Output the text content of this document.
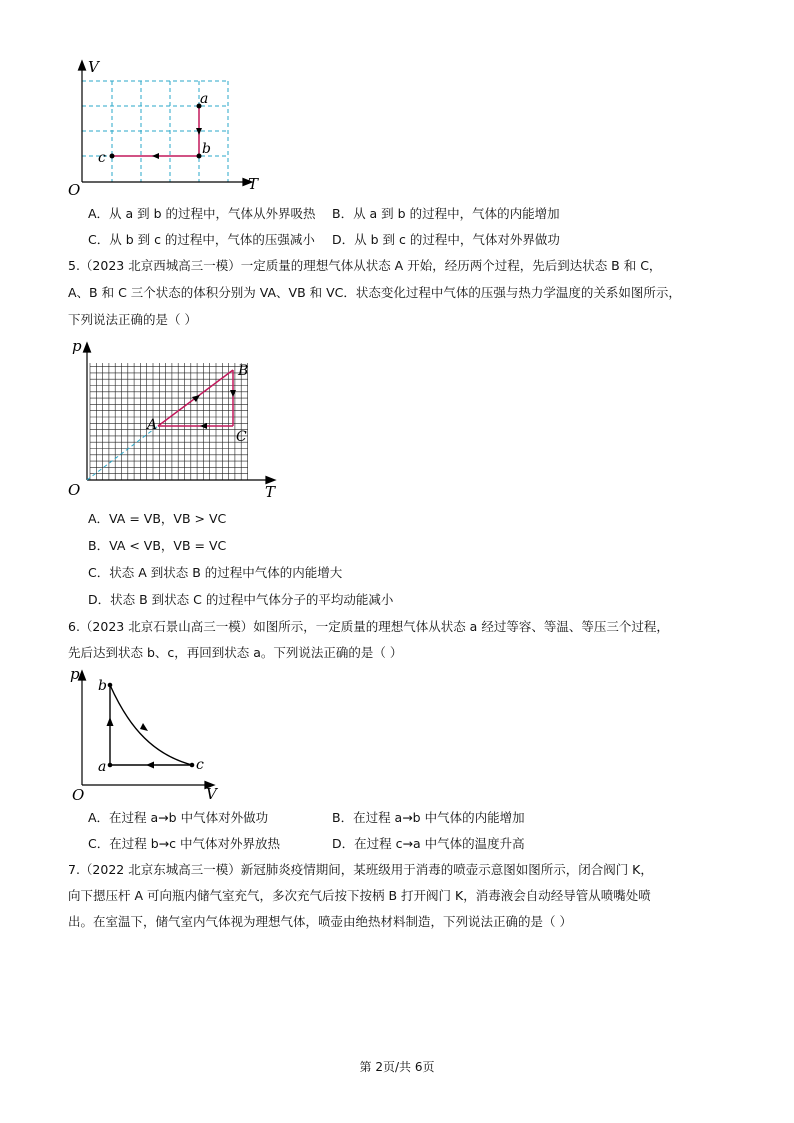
V
T
O
a
b
c
A．从 a 到 b 的过程中，气体从外界吸热 B．从 a 到 b 的过程中，气体的内能增加
C．从 b 到 c 的过程中，气体的压强减小 D．从 b 到 c 的过程中，气体对外界做功
5.（2023 北京西城高三一模）一定质量的理想气体从状态 A 开始，经历两个过程，先后到达状态 B 和 C，
A、B 和 C 三个状态的体积分别为 VA、VB 和 VC．状态变化过程中气体的压强与热力学温度的关系如图所示，
下列说法正确的是（ ）
p
T
O
A
B
C
A．VA = VB，VB > VC
B．VA < VB，VB = VC
C．状态 A 到状态 B 的过程中气体的内能增大
D．状态 B 到状态 C 的过程中气体分子的平均动能减小
6.（2023 北京石景山高三一模）如图所示，一定质量的理想气体从状态 a 经过等容、等温、等压三个过程，
先后达到状态 b、c，再回到状态 a。下列说法正确的是（ ）
p
V
O
b
a	c
A．在过程 a→b 中气体对外做功	B．在过程 a→b 中气体的内能增加
C．在过程 b→c 中气体对外界放热	D．在过程 c→a 中气体的温度升高
7.（2022 北京东城高三一模）新冠肺炎疫情期间，某班级用于消毒的喷壶示意图如图所示，闭合阀门 K，
向下摁压杆 A 可向瓶内储气室充气，多次充气后按下按柄 B 打开阀门 K，消毒液会自动经导管从喷嘴处喷
出。在室温下，储气室内气体视为理想气体，喷壶由绝热材料制造，下列说法正确的是（ ）
第 2页/共 6页
